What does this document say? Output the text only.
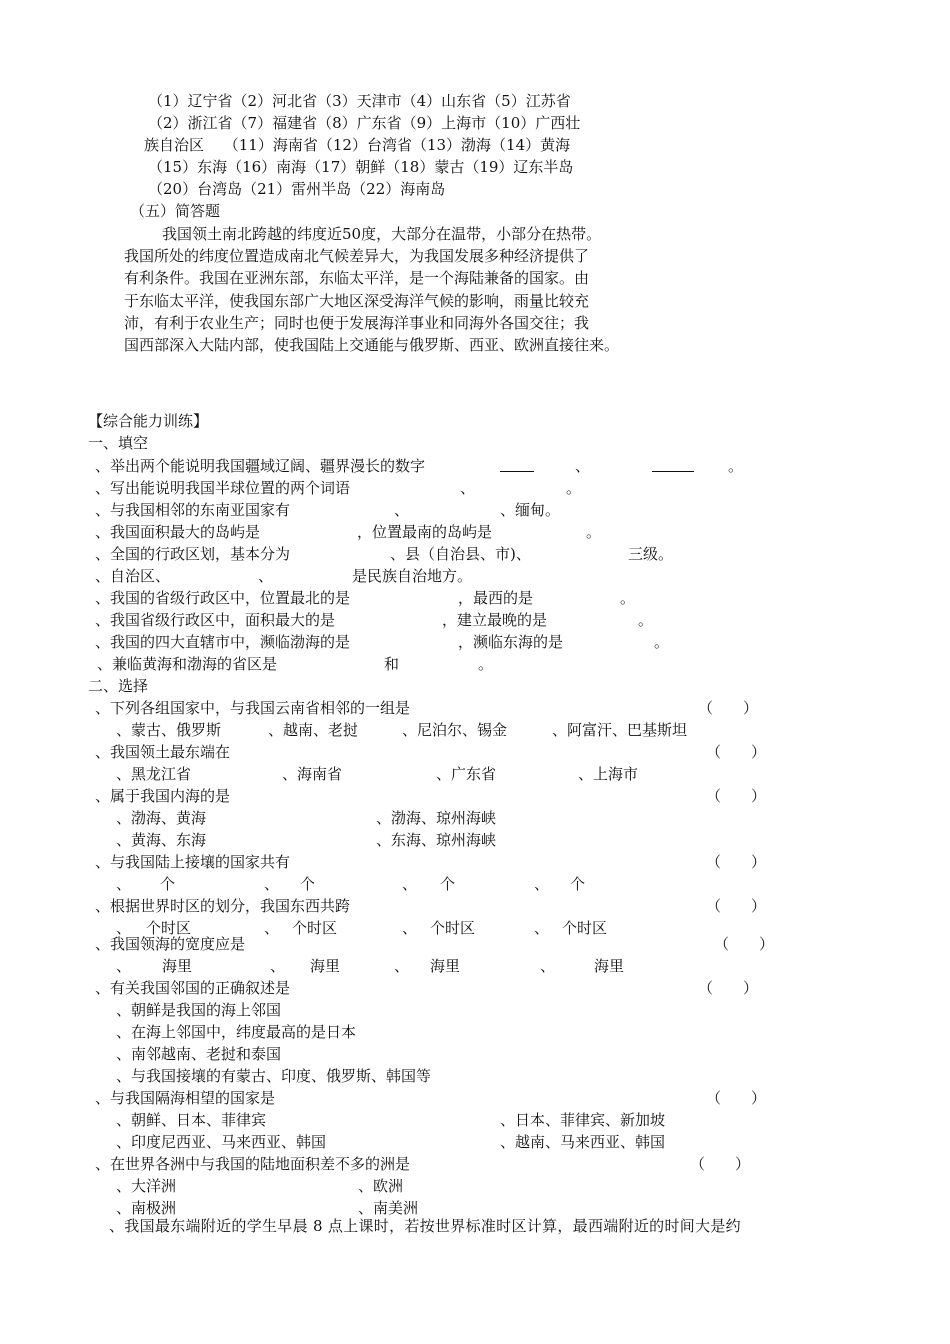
（1）辽宁省（2）河北省（3）天津市（4）山东省（5）江苏省
（2）浙江省（7）福建省（8）广东省（9）上海市（10）广西壮
族自治区　 （11）海南省（12）台湾省（13）渤海（14）黄海
（15）东海（16）南海（17）朝鲜（18）蒙古（19）辽东半岛
（20）台湾岛（21）雷州半岛（22）海南岛
（五）简答题
我国领土南北跨越的纬度近50度，大部分在温带，小部分在热带。
我国所处的纬度位置造成南北气候差异大，为我国发展多种经济提供了
有利条件。我国在亚洲东部，东临太平洋，是一个海陆兼备的国家。由
于东临太平洋，使我国东部广大地区深受海洋气候的影响，雨量比较充
沛，有利于农业生产；同时也便于发展海洋事业和同海外各国交往；我
国西部深入大陆内部，使我国陆上交通能与俄罗斯、西亚、欧洲直接往来。
【综合能力训练】
一、填空
、举出两个能说明我国疆域辽阔、疆界漫长的数字	、	。
、写出能说明我国半球位置的两个词语	、	。
、与我国相邻的东南亚国家有	、	、缅甸。
、我国面积最大的岛屿是	，位置最南的岛屿是	。
、全国的行政区划，基本分为	、县（自治县、市)、	三级。
、自治区、	、	是民族自治地方。
、我国的省级行政区中，位置最北的是	，最西的是	。
、我国省级行政区中，面积最大的是	，建立最晚的是	。
、我国的四大直辖市中，濒临渤海的是	，濒临东海的是	。
、兼临黄海和渤海的省区是	和	。
二、选择
、下列各组国家中，与我国云南省相邻的一组是	（　　）
、蒙古、俄罗斯	、越南、老挝	、尼泊尔、锡金	、阿富汗、巴基斯坦
、我国领土最东端在	（　　）
、黑龙江省	、海南省	、广东省	、上海市
、属于我国内海的是	（　　）
、渤海、黄海	、渤海、琼州海峡
、黄海、东海	、东海、琼州海峡
、与我国陆上接壤的国家共有	（　　）
、 个	、 个	、 个	、 个
、根据世界时区的划分，我国东西共跨	（　　）
、 个时区	、 个时区	、 个时区	、 个时区
、我国领海的宽度应是	（　　）
、 海里	、 海里	、 海里	、	海里
、有关我国邻国的正确叙述是	（　　）
、朝鲜是我国的海上邻国
、在海上邻国中，纬度最高的是日本
、南邻越南、老挝和泰国
、与我国接壤的有蒙古、印度、俄罗斯、韩国等
、与我国隔海相望的国家是	（　　）
、朝鲜、日本、菲律宾	、日本、菲律宾、新加坡
、印度尼西亚、马来西亚、韩国	、越南、马来西亚、韩国
、在世界各洲中与我国的陆地面积差不多的洲是	（　　）
、大洋洲	、欧洲
、南极洲	、南美洲
、我国最东端附近的学生早晨 8 点上课时，若按世界标准时区计算，最西端附近的时间大是约
